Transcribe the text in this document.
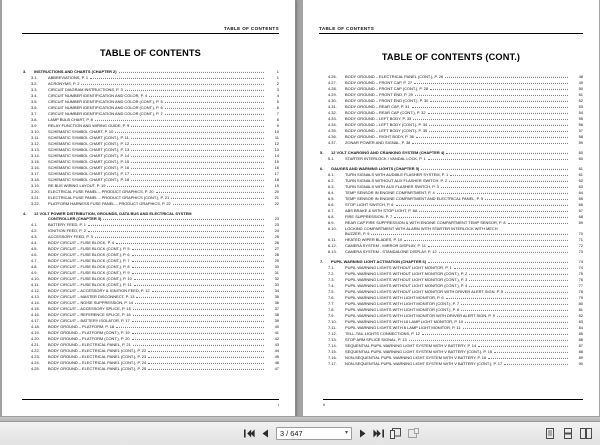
TABLE OF CONTENTS
TABLE OF CONTENTS
3.	INSTRUCTIONS AND CHARTS (CHAPTER 2)	1
3.1.	ABBREVIATIONS, P. 1	1
3.2.	ACRONYMS, P. 2	2
3.3.	CIRCUIT DIAGRAM INSTRUCTIONS, P. 3	3
3.4.	CIRCUIT NUMBER IDENTIFICATION AND COLOR, P. 4	4
3.5.	CIRCUIT NUMBER IDENTIFICATION AND COLOR (CONT.), P. 5	5
3.6.	CIRCUIT NUMBER IDENTIFICATION AND COLOR (CONT.), P. 6	6
3.7.	CIRCUIT NUMBER IDENTIFICATION AND COLOR (CONT.), P. 7	7
3.8.	LAMP BULB CHART, P. 8	8
3.9.	RELAY FUNCTION AND WIRING GUIDE, P. 9	9
3.10.	SCHEMATIC SYMBOL CHART, P. 10	10
3.11.	SCHEMATIC SYMBOL CHART (CONT.), P. 11	11
3.12.	SCHEMATIC SYMBOL CHART (CONT.), P. 12	12
3.13.	SCHEMATIC SYMBOL CHART (CONT.), P. 13	13
3.14.	SCHEMATIC SYMBOL CHART (CONT.), P. 14	14
3.15.	SCHEMATIC SYMBOL CHART (CONT.), P. 15	15
3.16.	SCHEMATIC SYMBOL CHART (CONT.), P. 16	16
3.17.	SCHEMATIC SYMBOL CHART (CONT.), P. 17	17
3.18.	SCHEMATIC SYMBOL CHART (CONT.), P. 18	18
3.19.	RE BUS WIRING LAYOUT, P. 19	19
3.20.	ELECTRICAL FUSE PANEL – PRODUCT GRAPHICS, P. 20	20
3.21.	ELECTRICAL FUSE PANEL – PRODUCT GRAPHICS (CONT.), P. 21	21
3.22.	PLATFORM HARNESS FUSE PANEL – PRODUCT GRAPHICS, P. 22	22
4.	12 VOLT POWER DISTRIBUTION, GROUNDS, DATA BUS AND ELECTRICAL SYSTEM
CONTROLLER (CHAPTER 3)	23
4.1.	BATTERY FEED, P. 1	23
4.2.	IGNITION FEED, P. 2	24
4.3.	ACCESSORY FEED, P. 3	25
4.4.	BODY CIRCUIT – FUSE BLOCK, P. 4	26
4.5.	BODY CIRCUIT – FUSE BLOCK (CONT.), P. 5	27
4.6.	BODY CIRCUIT – FUSE BLOCK (CONT.), P. 6	28
4.7.	BODY CIRCUIT – FUSE BLOCK (CONT.), P. 7	29
4.8.	BODY CIRCUIT – FUSE BLOCK (CONT.), P. 8	30
4.9.	BODY CIRCUIT – FUSE BLOCK (CONT.), P. 9	31
4.10.	BODY CIRCUIT – FUSE BLOCK (CONT.), P. 10	32
4.11.	BODY CIRCUIT – FUSE BLOCK (CONT.), P. 11	33
4.12.	BODY CIRCUIT – ACCESSORY & IGNITION FEED, P. 12	34
4.13.	BODY CIRCUIT – MASTER DISCONNECT, P. 13	35
4.14.	BODY CIRCUIT – NOISE SUPPRESSION, P. 14	36
4.15.	BODY CIRCUIT – ACCESSORY SPLICE, P. 15	37
4.16.	BODY CIRCUIT – REFERENCE SPLICE, P. 16	38
4.17.	BODY CIRCUIT – BATTERY ISOLATOR, P. 17	39
4.18.	BODY GROUND – PLATFORM, P. 18	40
4.19.	BODY GROUND – PLATFORM (CONT.), P. 19	41
4.20.	BODY GROUND – PLATFORM (CONT.), P. 20	42
4.21.	BODY GROUND – ELECTRICAL PANEL, P. 21	43
4.22.	BODY GROUND – ELECTRICAL PANEL (CONT.), P. 22	44
4.23.	BODY GROUND – ELECTRICAL PANEL (CONT.), P. 23	45
4.24.	BODY GROUND – ELECTRICAL PANEL (CONT.), P. 24	46
4.25.	BODY GROUND – ELECTRICAL PANEL (CONT.), P. 25	47
i
TABLE OF CONTENTS
TABLE OF CONTENTS (CONT.)
4.26.	BODY GROUND – ELECTRICAL PANEL (CONT.), P. 26	48
4.27.	BODY GROUND – FRONT CAP, P. 27	49
4.28.	BODY GROUND – FRONT CAP (CONT.), P. 28	50
4.29.	BODY GROUND – FRONT END, P. 29	51
4.30.	BODY GROUND – FRONT END (CONT.), P. 30	52
4.31.	BODY GROUND – REAR CAP, P. 31	53
4.32.	BODY GROUND – REAR CAP (CONT.), P. 32	54
4.33.	BODY GROUND – LEFT BODY, P. 33	55
4.34.	BODY GROUND – LEFT BODY (CONT.), P. 34	56
4.35.	BODY GROUND – LEFT BODY (CONT.), P. 35	57
4.36.	BODY GROUND – RIGHT BODY, P. 36	58
4.37.	ZONAR POWER AND SIGNAL, P. 38	59
5.	12 VOLT CHARGING AND CRANKING SYSTEM (CHAPTER 4)	60
5.1.	STARTER INTERLOCK / VANDAL LOCK, P. 1	60
6.	GAUGES AND WARNING LIGHTS (CHAPTER 5)	61
6.1.	TURN SIGNALS WITH AUDIBLE FLASHER SYSTEM, P. 1	61
6.2.	TURN SIGNALS WITHOUT AUX FLASHER SWITCH, P. 2	62
6.3.	TURN SIGNALS WITH AUX FLASHER SWITCH, P. 3	63
6.4.	TEMP SENSOR IN ENGINE COMPARTMENT, P. 4	64
6.5.	TEMP SENSOR IN ENGINE COMPARTMENT AND ELECTRICAL PANEL, P. 5	65
6.6.	STOP LIGHT SWITCH, P. 6	66
6.7.	ABS BRAKE & WITH STOP LIGHT, P. 6A	67
6.8.	FIRE SUPPRESSION, P. 7	68
6.9.	REAR CAP FIRE SUPPRESSION & WITH ENGINE COMPARTMENT TEMP SENSOR, P. 8	69
6.10.	LOCKING COMPARTMENT WITH ALARM WITH STARTER INTERLOCK WITH MECH
BUZZER, P. 9	70
6.11.	HEATED WIPER BLADES, P. 10	71
6.12.	CAMERA SYSTEM - MIRROR DISPLAY, P. 11	72
6.13.	CAMERA SYSTEM - STANDALONE DISPLAY, P. 12	73
7.	PUPIL WARNING LIGHT ACTIVATION (CHAPTER 6)	74
7.1.	PUPIL WARNING LIGHTS WITHOUT LIGHT MONITOR, P. 1	74
7.2.	PUPIL WARNING LIGHTS WITHOUT LIGHT MONITOR (CONT.), P. 2	75
7.3.	PUPIL WARNING LIGHTS WITHOUT LIGHT MONITOR (CONT.), P. 3	76
7.4.	PUPIL WARNING LIGHTS WITHOUT LIGHT MONITOR (CONT.), P. 4	77
7.5.	PUPIL WARNING LIGHTS WITHOUT LIGHT MONITOR WITH DRIVER ALERT SIGN, P. 5	78
7.6.	PUPIL WARNING LIGHTS WITH LIGHT MONITOR, P. 6	79
7.7.	PUPIL WARNING LIGHTS WITH LIGHT MONITOR (CONT.), P. 7	80
7.8.	PUPIL WARNING LIGHTS WITH LIGHT MONITOR (CONT.), P. 8	81
7.9.	PUPIL WARNING LIGHTS WITH LIGHT MONITOR WITH DRIVER ALERT SIGN, P. 9	82
7.10.	PUPIL WARNING LIGHTS WITH 16 LAMP LIGHT MONITOR, P. 10	83
7.11.	PUPIL WARNING LIGHTS WITH 8 LAMP LIGHT MONITOR, P. 11	84
7.12.	TELL-TAIL LIGHTS CONNECTIONS, P. 12	85
7.13.	STOP ARM SPLICE SIGNAL, P. 13	86
7.14.	SEQUENTIAL PUPIL WARNING LIGHT SYSTEM WITH V BATTERY, P. 14	87
7.15.	SEQUENTIAL PUPIL WARNING LIGHT SYSTEM WITH V BATTERY (CONT.), P. 15	88
7.16.	NON-SEQUENTIAL PUPIL WARNING LIGHT SYSTEM WITH V BATTERY, P. 16	89
7.17.	NON-SEQUENTIAL PUPIL WARNING LIGHT SYSTEM WITH V BATTERY (CONT.), P. 17	90
ii
3 / 647	▾
